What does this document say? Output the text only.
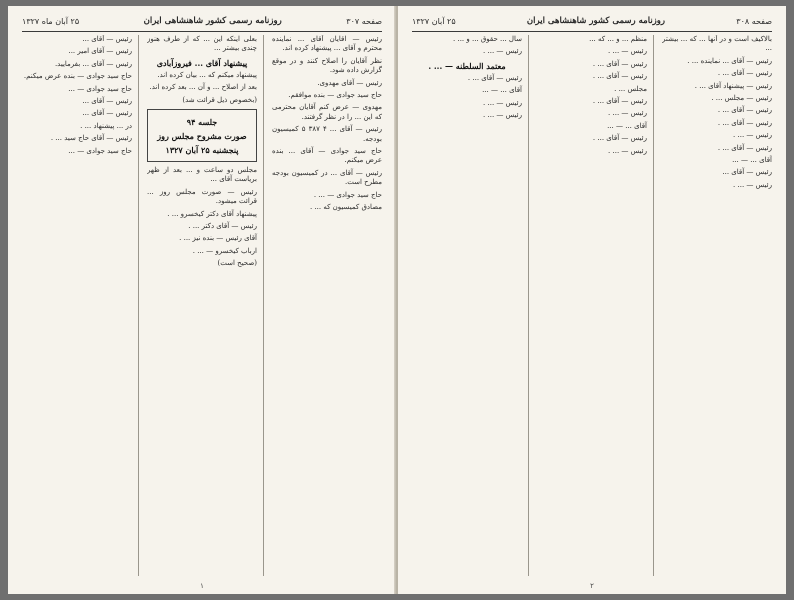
صفحه ۳۰۷
روزنامه رسمی کشور شاهنشاهی ایران
۲۵ آبان ماه ۱۳۲۷

رئیس — اقایان آقای ... نماینده محترم و آقای ... پیشنهاد کرده اند.

نظر آقایان را اصلاح کنند و در موقع گزارش داده شود.

رئیس — آقای مهدوی.

حاج سید جوادی — بنده موافقم.

مهدوی — عرض کنم آقایان محترمی که این ... را در نظر گرفتند.

رئیس — آقای ... ۴ ۳۸۷ ۵ کمیسیون بودجه.

حاج سید جوادی — آقای ... بنده عرض میکنم.

رئیس — آقای ... در کمیسیون بودجه مطرح است.

حاج سید جوادی — ... .

مصادق کمیسیون که ... .

بعلی اینکه این ... که از طرف هنوز چندی بیشتر ...

پیشنهاد آقای ... فیروزآبادی

پیشنهاد میکنم که ... بیان کرده اند.

بعد از اصلاح ... و آن ... بعد کرده اند.

(بخصوص ذیل قرائت شد)

جلسه ۹۴
صورت مشروح مجلس روز
پنجشنبه ۲۵ آبان ۱۳۲۷

مجلس دو ساعت و ... بعد از ظهر بریاست آقای ...

رئیس — صورت مجلس روز ... قرائت میشود.

پیشنهاد آقای دکتر کیخسرو ... .

رئیس — آقای دکتر ... .

آقای رئیس — بنده نیز ... .

ارباب کیخسرو — ... .

(صحیح است)

رئیس — آقای ...

رئیس — آقای امیر ...

رئیس — آقای ... بفرمایید.

حاج سید جوادی — بنده عرض میکنم.

حاج سید جوادی — ...

رئیس — آقای ...

رئیس — آقای ...

در ... پیشنهاد ... .

رئیس — آقای حاج سید ... .

حاج سید جوادی — ...

۱
صفحه ۳۰۸
روزنامه رسمی کشور شاهنشاهی ایران
۲۵ آبان ۱۳۲۷

بالاکیف است و در آنها ... که ... بیشتر ...

رئیس — آقای ... نماینده ... .

رئیس — آقای ... .

رئیس — پیشنهاد آقای ... .

رئیس — مجلس ... .

رئیس — آقای ... .

رئیس — آقای ... .

رئیس — ... .

رئیس — آقای ... .

آقای ... — ...

رئیس — آقای ...

رئیس — ... .

منظم ... و ... که ...

رئیس — ... .

رئیس — آقای ... .

رئیس — آقای ... .

مجلس ... .

رئیس — آقای ... .

رئیس — ... .

آقای ... — ...

رئیس — آقای ... .

رئیس — ... .

سال ... حقوق ... و ... .

رئیس — ... .

معتمد السلطنه — ... .

رئیس — آقای ... .

آقای ... — ...

رئیس — ... .

رئیس — ... .

۲
